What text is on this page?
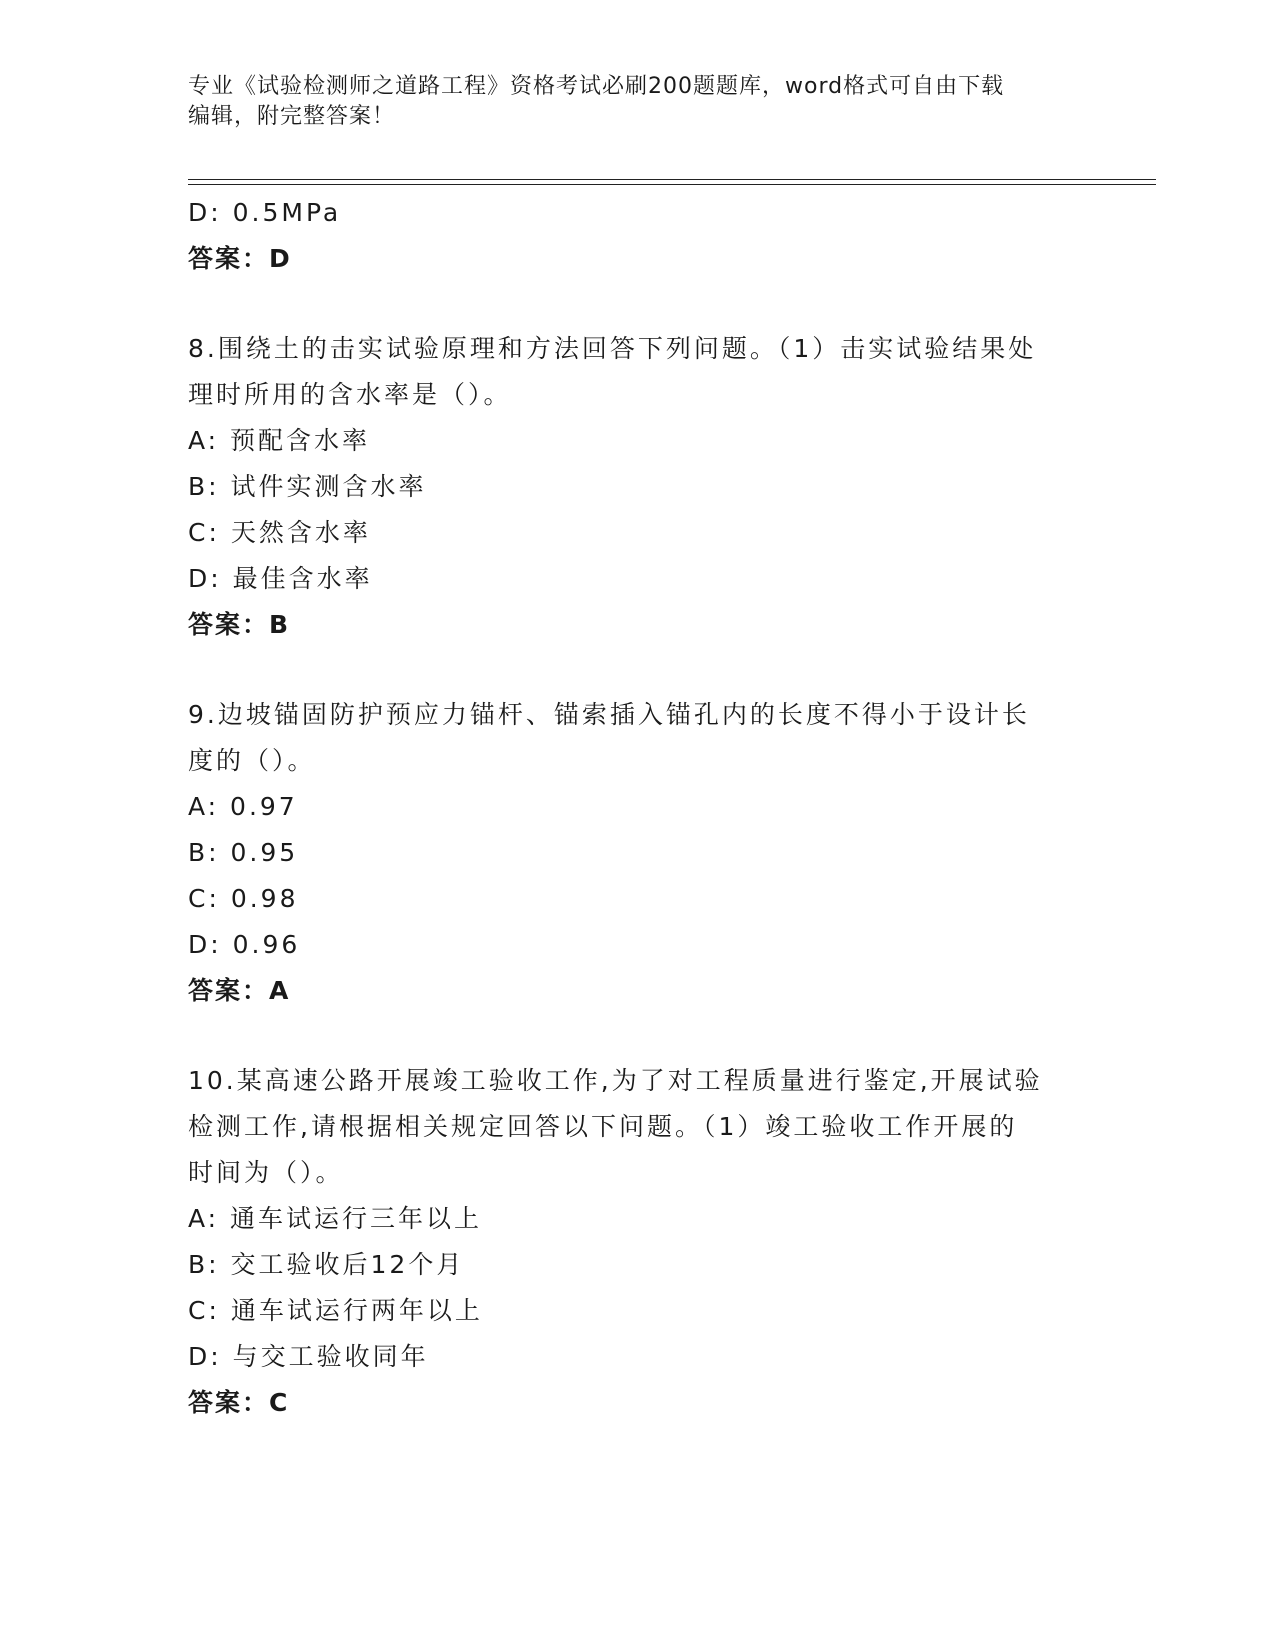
专业《试验检测师之道路工程》资格考试必刷200题题库，word格式可自由下载
编辑，附完整答案！
D: 0.5MPa
答案：D
8.围绕土的击实试验原理和方法回答下列问题。（1）击实试验结果处
理时所用的含水率是（）。
A: 预配含水率
B: 试件实测含水率
C: 天然含水率
D: 最佳含水率
答案：B
9.边坡锚固防护预应力锚杆、锚索插入锚孔内的长度不得小于设计长
度的（）。
A: 0.97
B: 0.95
C: 0.98
D: 0.96
答案：A
10.某高速公路开展竣工验收工作,为了对工程质量进行鉴定,开展试验
检测工作,请根据相关规定回答以下问题。（1）竣工验收工作开展的
时间为（）。
A: 通车试运行三年以上
B: 交工验收后12个月
C: 通车试运行两年以上
D: 与交工验收同年
答案：C
